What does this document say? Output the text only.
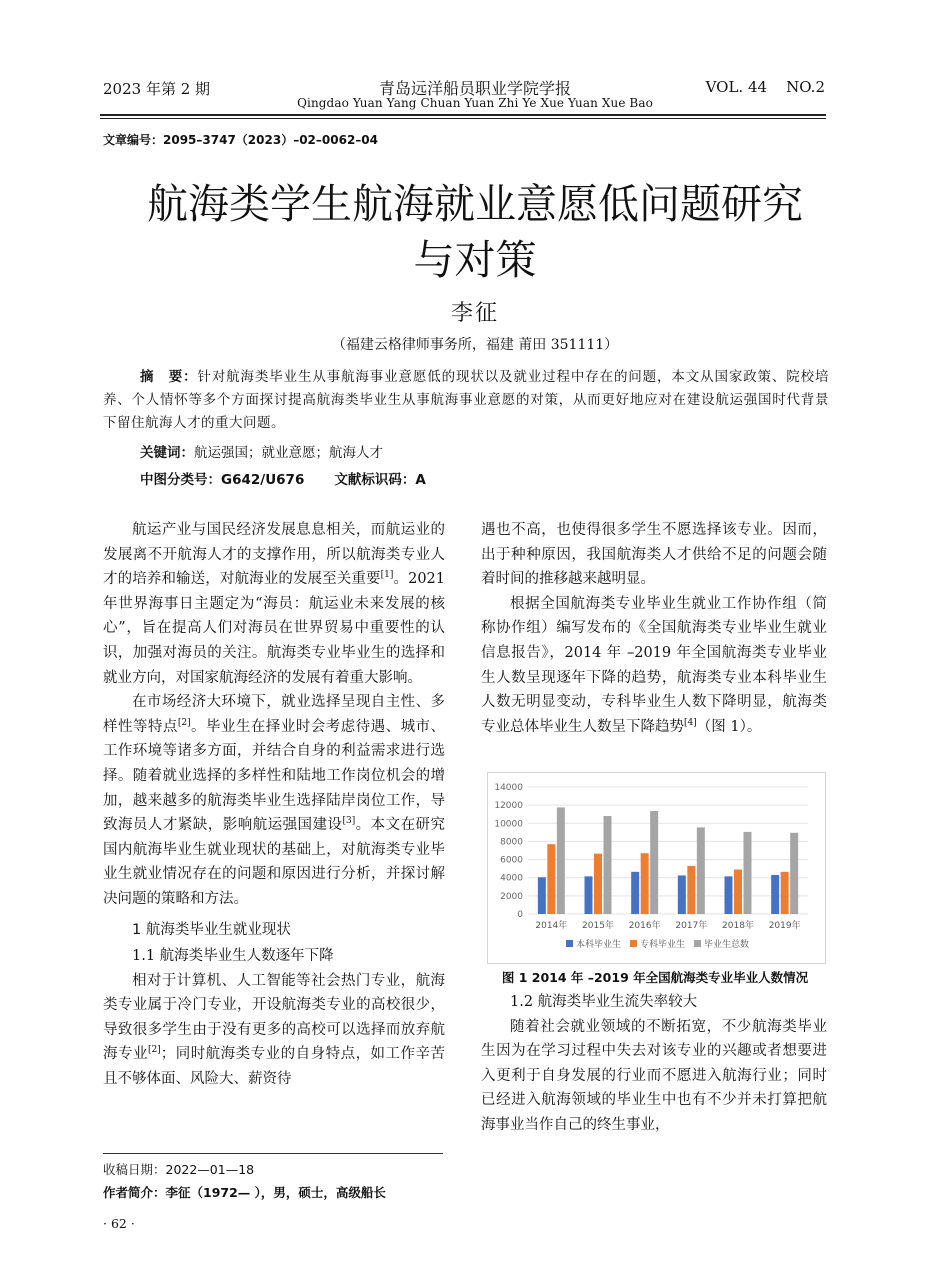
2023 年第 2 期	青岛远洋船员职业学院学报
Qingdao Yuan Yang Chuan Yuan Zhi Ye Xue Yuan Xue Bao
VOL. 44    NO.2
文章编号：2095–3747（2023）–02–0062–04
航海类学生航海就业意愿低问题研究
与对策
李征
（福建云格律师事务所，福建 莆田 351111）
摘　要：针对航海类毕业生从事航海事业意愿低的现状以及就业过程中存在的问题，本文从国家政策、院校培养、个人情怀等多个方面探讨提高航海类毕业生从事航海事业意愿的对策，从而更好地应对在建设航运强国时代背景下留住航海人才的重大问题。
关键词：航运强国；就业意愿；航海人才
中图分类号：G642/U676 文献标识码：A

航运产业与国民经济发展息息相关，而航运业的发展离不开航海人才的支撑作用，所以航海类专业人才的培养和输送，对航海业的发展至关重要[1]。2021 年世界海事日主题定为“海员：航运业未来发展的核心”，旨在提高人们对海员在世界贸易中重要性的认识，加强对海员的关注。航海类专业毕业生的选择和就业方向，对国家航海经济的发展有着重大影响。

在市场经济大环境下，就业选择呈现自主性、多样性等特点[2]。毕业生在择业时会考虑待遇、城市、工作环境等诸多方面，并结合自身的利益需求进行选择。随着就业选择的多样性和陆地工作岗位机会的增加，越来越多的航海类毕业生选择陆岸岗位工作，导致海员人才紧缺，影响航运强国建设[3]。本文在研究国内航海毕业生就业现状的基础上，对航海类专业毕业生就业情况存在的问题和原因进行分析，并探讨解决问题的策略和方法。

1 航海类毕业生就业现状

1.1 航海类毕业生人数逐年下降

相对于计算机、人工智能等社会热门专业，航海类专业属于冷门专业，开设航海类专业的高校很少，导致很多学生由于没有更多的高校可以选择而放弃航海专业[2]；同时航海类专业的自身特点，如工作辛苦且不够体面、风险大、薪资待

遇也不高，也使得很多学生不愿选择该专业。因而，出于种种原因，我国航海类人才供给不足的问题会随着时间的推移越来越明显。

根据全国航海类专业毕业生就业工作协作组（简称协作组）编写发布的《全国航海类专业毕业生就业信息报告》，2014 年 –2019 年全国航海类专业毕业生人数呈现逐年下降的趋势，航海类专业本科毕业生人数无明显变动，专科毕业生人数下降明显，航海类专业总体毕业生人数呈下降趋势[4]（图 1）。

0
2000
4000
6000
8000
10000
12000
14000
2014年 2015年 2016年 2017年 2018年 2019年
本科毕业生 专科毕业生 毕业生总数
图 1 2014 年 –2019 年全国航海类专业毕业人数情况

1.2 航海类毕业生流失率较大

随着社会就业领域的不断拓宽，不少航海类毕业生因为在学习过程中失去对该专业的兴趣或者想要进入更利于自身发展的行业而不愿进入航海行业；同时已经进入航海领域的毕业生中也有不少并未打算把航海事业当作自己的终生事业，

收稿日期：2022—01—18
作者简介：李征（1972— ），男，硕士，高级船长
· 62 ·
